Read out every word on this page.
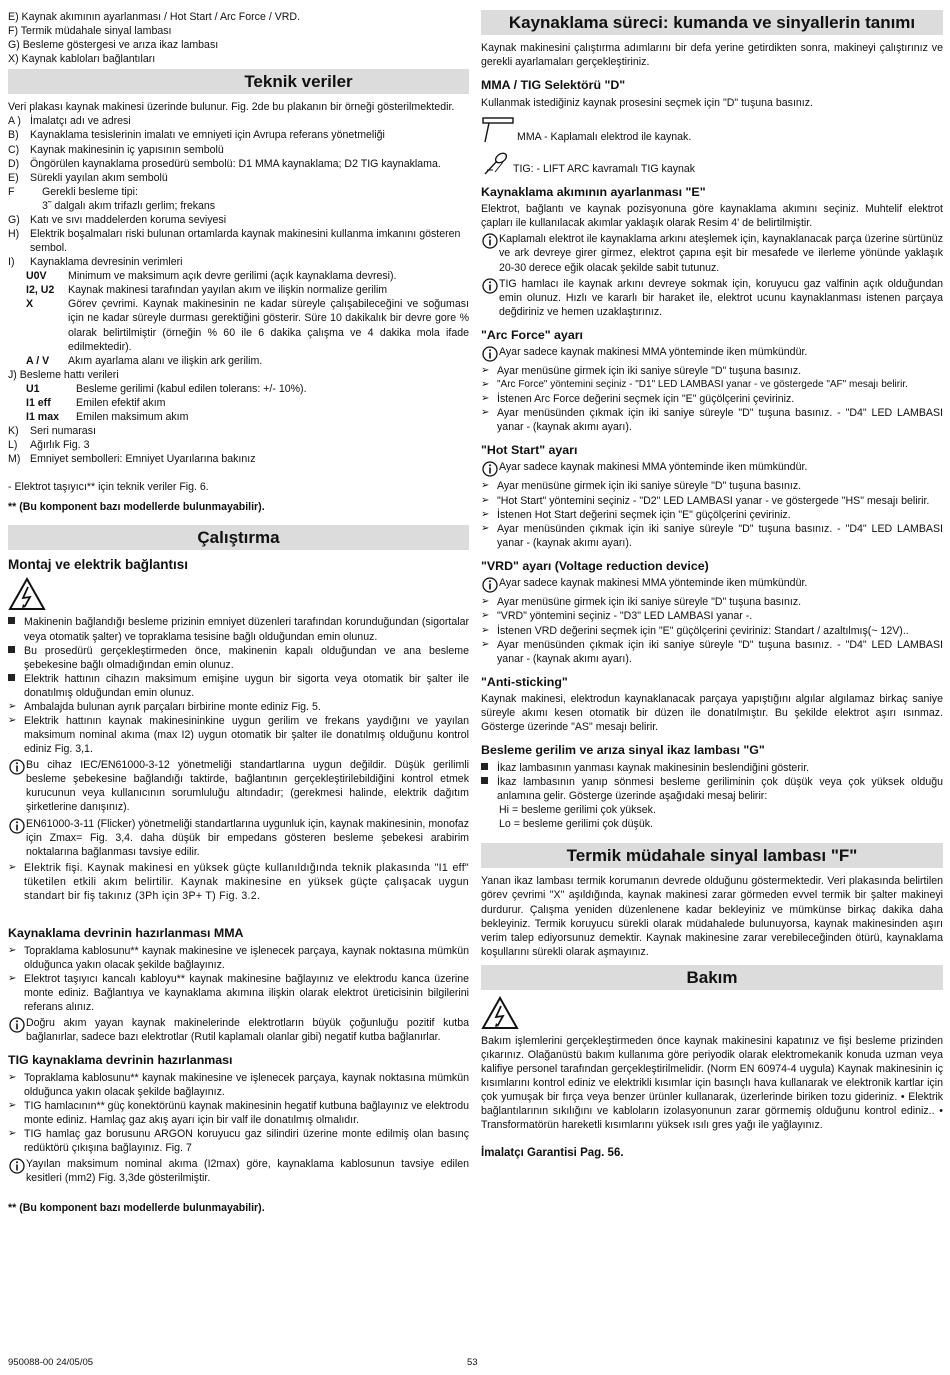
E) Kaynak akımının ayarlanması / Hot Start / Arc Force / VRD.
F) Termik müdahale sinyal lambası
G) Besleme göstergesi ve arıza ikaz lambası
X) Kaynak kabloları bağlantıları
Teknik veriler

Veri plakası kaynak makinesi üzerinde bulunur. Fig. 2de bu plakanın bir örneği gösterilmektedir.

A ) İmalatçı adı ve adresi
B)	Kaynaklama tesislerinin imalatı ve emniyeti için Avrupa referans yönetmeliği
C)	Kaynak makinesinin iç yapısının sembolü
D)	Öngörülen kaynaklama prosedürü sembolü: D1 MMA kaynaklama; D2 TIG kaynaklama.
E)	Sürekli yayılan akım sembolü
F	Gerekli besleme tipi:
3˜ dalgalı akım trifazlı gerlim; frekans
G) Katı ve sıvı maddelerden koruma seviyesi
H)	Elektrik boşalmaları riski bulunan ortamlarda kaynak makinesini kullanma imkanını gösteren sembol.
I)	Kaynaklama devresinin verimleri
U0V	Minimum ve maksimum açık devre gerilimi (açık kaynaklama devresi).
I2, U2	Kaynak makinesi tarafından yayılan akım ve ilişkin normalize gerilim
X	Görev çevrimi. Kaynak makinesinin ne kadar süreyle çalışabileceğini ve soğuması için ne kadar süreyle durması gerektiğini gösterir. Süre 10 dakikalık bir devre gore % olarak belirtilmiştir (örneğin % 60 ile 6 dakika çalışma ve 4 dakika mola ifade edilmektedir).
A / V	Akım ayarlama alanı ve ilişkin ark gerilim.
J) Besleme hattı verileri
U1	Besleme gerilimi (kabul edilen tolerans: +/- 10%).
I1 eff	Emilen efektif akım
I1 max	Emilen maksimum akım
K)	Seri numarası
L)	Ağırlık Fig. 3
M) Emniyet sembolleri: Emniyet Uyarılarına bakınız
- Elektrot taşıyıcı** için teknik veriler Fig. 6.
** (Bu komponent bazı modellerde bulunmayabilir).
Çalıştırma
Montaj ve elektrik bağlantısı
Makinenin bağlandığı besleme prizinin emniyet düzenleri tarafından korunduğundan (sigortalar veya otomatik şalter) ve topraklama tesisine bağlı olduğundan emin olunuz.
Bu prosedürü gerçekleştirmeden önce, makinenin kapalı olduğundan ve ana besleme şebekesine bağlı olmadığından emin olunuz.
Elektrik hattının cihazın maksimum emişine uygun bir sigorta veya otomatik bir şalter ile donatılmış olduğundan emin olunuz.
➢ Ambalajda bulunan ayrık parçaları birbirine monte ediniz Fig. 5.
➢ Elektrik hattının kaynak makinesininkine uygun gerilim ve frekans yaydığını ve yayılan maksimum nominal akıma (max I2) uygun otomatik bir şalter ile donatılmış olduğunu kontrol ediniz Fig. 3,1.
Bu cihaz IEC/EN61000-3-12 yönetmeliği standartlarına uygun değildir. Düşük gerilimli besleme şebekesine bağlandığı taktirde, bağlantının gerçekleştirilebildiğini kontrol etmek kurucunun veya kullanıcının sorumluluğu altındadır; (gerekmesi halinde, elektrik dağıtım şirketlerine danışınız).
EN61000-3-11 (Flicker) yönetmeliği standartlarına uygunluk için, kaynak makinesinin, monofaz için Zmax= Fig. 3,4. daha düşük bir empedans gösteren besleme şebekesi arabirim noktalarına bağlanması tavsiye edilir.
➢ Elektrik fişi. Kaynak makinesi en yüksek güçte kullanıldığında teknik plakasında "I1 eff" tüketilen etkili akım belirtilir. Kaynak makinesine en yüksek güçte çalışacak uygun standart bir fiş takınız (3Ph için 3P+ T) Fig. 3.2.
Kaynaklama devrinin hazırlanması MMA
➢ Topraklama kablosunu** kaynak makinesine ve işlenecek parçaya, kaynak noktasına mümkün olduğunca yakın olacak şekilde bağlayınız.
➢ Elektrot taşıyıcı kancalı kabloyu** kaynak makinesine bağlayınız ve elektrodu kanca üzerine monte ediniz. Bağlantıya ve kaynaklama akımına ilişkin olarak elektrot üreticisinin bilgilerini referans alınız.
Doğru akım yayan kaynak makinelerinde elektrotların büyük çoğunluğu pozitif kutba bağlanırlar, sadece bazı elektrotlar (Rutil kaplamalı olanlar gibi) negatif kutba bağlanırlar.
TIG kaynaklama devrinin hazırlanması
➢ Topraklama kablosunu** kaynak makinesine ve işlenecek parçaya, kaynak noktasına mümkün olduğunca yakın olacak şekilde bağlayınız.
➢ TIG hamlacının** güç konektörünü kaynak makinesinin hegatif kutbuna bağlayınız ve elektrodu monte ediniz. Hamlaç gaz akış ayarı için bir valf ile donatılmış olmalıdır.
➢ TIG hamlaç gaz borusunu ARGON koruyucu gaz silindiri üzerine monte edilmiş olan basınç redüktörü çıkışına bağlayınız. Fig. 7
Yayılan maksimum nominal akıma (I2max) göre, kaynaklama kablosunun tavsiye edilen kesitleri (mm2) Fig. 3,3de gösterilmiştir.
** (Bu komponent bazı modellerde bulunmayabilir).
Kaynaklama süreci: kumanda ve sinyallerin tanımı

Kaynak makinesini çalıştırma adımlarını bir defa yerine getirdikten sonra, makineyi çalıştırınız ve gerekli ayarlamaları gerçekleştiriniz.

MMA / TIG Selektörü "D"

Kullanmak istediğiniz kaynak prosesini seçmek için "D" tuşuna basınız.

MMA - Kaplamalı elektrod ile kaynak.
TIG: - LIFT ARC kavramalı TIG kaynak
Kaynaklama akımının ayarlanması "E"

Elektrot, bağlantı ve kaynak pozisyonuna göre kaynaklama akımını seçiniz. Muhtelif elektrot çapları ile kullanılacak akımlar yaklaşık olarak Resim 4' de belirtilmiştir.

Kaplamalı elektrot ile kaynaklama arkını ateşlemek için, kaynaklanacak parça üzerine sürtünüz ve ark devreye girer girmez, elektrot çapına eşit bir mesafede ve ilerleme yönünde yaklaşık 20-30 derece eğik olacak şekilde sabit tutunuz.
TIG hamlacı ile kaynak arkını devreye sokmak için, koruyucu gaz valfinin açık olduğundan emin olunuz. Hızlı ve kararlı bir haraket ile, elektrot ucunu kaynaklanması istenen parçaya değdiriniz ve hemen uzaklaştırınız.
"Arc Force" ayarı
Ayar sadece kaynak makinesi MMA yönteminde iken mümkündür.
➢ Ayar menüsüne girmek için iki saniye süreyle "D" tuşuna basınız.
➢ "Arc Force" yöntemini seçiniz - "D1" LED LAMBASI yanar - ve göstergede "AF" mesajı belirir.
➢ İstenen Arc Force değerini seçmek için "E" güçölçerini çeviriniz.
➢ Ayar menüsünden çıkmak için iki saniye süreyle "D" tuşuna basınız. - "D4" LED LAMBASI yanar - (kaynak akımı ayarı).
"Hot Start" ayarı
Ayar sadece kaynak makinesi MMA yönteminde iken mümkündür.
➢ Ayar menüsüne girmek için iki saniye süreyle "D" tuşuna basınız.
➢ "Hot Start" yöntemini seçiniz - "D2" LED LAMBASI yanar - ve göstergede "HS" mesajı belirir.
➢ İstenen Hot Start değerini seçmek için "E" güçölçerini çeviriniz.
➢ Ayar menüsünden çıkmak için iki saniye süreyle "D" tuşuna basınız. - "D4" LED LAMBASI yanar - (kaynak akımı ayarı).
"VRD" ayarı (Voltage reduction device)
Ayar sadece kaynak makinesi MMA yönteminde iken mümkündür.
➢ Ayar menüsüne girmek için iki saniye süreyle "D" tuşuna basınız.
➢ "VRD" yöntemini seçiniz - "D3" LED LAMBASI yanar -.
➢ İstenen VRD değerini seçmek için "E" güçölçerini çeviriniz: Standart / azaltılmış(~ 12V)..
➢ Ayar menüsünden çıkmak için iki saniye süreyle "D" tuşuna basınız. - "D4" LED LAMBASI yanar - (kaynak akımı ayarı).
"Anti-sticking"

Kaynak makinesi, elektrodun kaynaklanacak parçaya yapıştığını algılar algılamaz birkaç saniye süreyle akımı kesen otomatik bir düzen ile donatılmıştır. Bu şekilde elektrot aşırı ısınmaz. Gösterge üzerinde "AS" mesajı belirir.

Besleme gerilim ve arıza sinyal ikaz lambası "G"
İkaz lambasının yanması kaynak makinesinin beslendiğini gösterir.
İkaz lambasının yanıp sönmesi besleme geriliminin çok düşük veya çok yüksek olduğu anlamına gelir. Gösterge üzerinde aşağıdaki mesaj belirir:
Hi = besleme gerilimi çok yüksek.
Lo = besleme gerilimi çok düşük.
Termik müdahale sinyal lambası "F"

Yanan ikaz lambası termik korumanın devrede olduğunu göstermektedir. Veri plakasında belirtilen görev çevrimi "X" aşıldığında, kaynak makinesi zarar görmeden evvel termik bir şalter makineyi durdurur. Çalışma yeniden düzenlenene kadar bekleyiniz ve mümkünse birkaç dakika daha bekleyiniz. Termik koruyucu sürekli olarak müdahalede bulunuyorsa, kaynak makinesinden aşırı verim talep ediyorsunuz demektir. Kaynak makinesine zarar verebileceğinden ötürü, kaynaklama koşullarını sürekli olarak aşmayınız.

Bakım

Bakım işlemlerini gerçekleştirmeden önce kaynak makinesini kapatınız ve fişi besleme prizinden çıkarınız. Olağanüstü bakım kullanıma göre periyodik olarak elektromekanik konuda uzman veya kalifiye personel tarafından gerçekleştirilmelidir. (Norm EN 60974-4 uygula) Kaynak makinesinin iç kısımlarını kontrol ediniz ve elektrikli kısımlar için basınçlı hava kullanarak ve elektronik kartlar için çok yumuşak bir fırça veya benzer ürünler kullanarak, üzerlerinde biriken tozu gideriniz. • Elektrik bağlantılarının sıkılığını ve kabloların izolasyonunun zarar görmemiş olduğunu kontrol ediniz.. • Transformatörün hareketli kısımlarını yüksek ısılı gres yağı ile yağlayınız.

İmalatçı Garantisi Pag. 56.
950088-00 24/05/05	53
